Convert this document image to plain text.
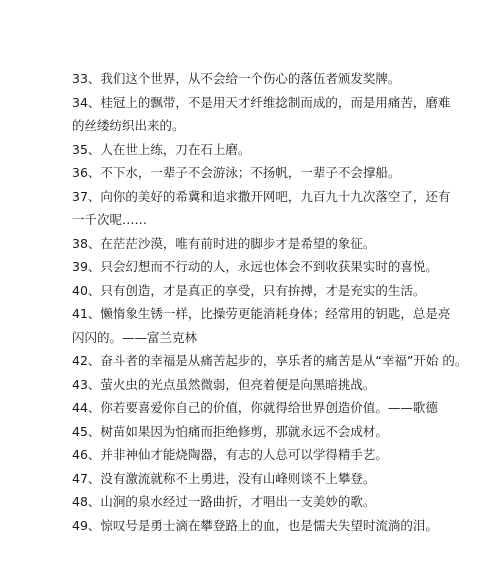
33、我们这个世界，从不会给一个伤心的落伍者颁发奖牌。
34、桂冠上的飘带，不是用天才纤维捻制而成的，而是用痛苦，磨难
的丝缕纺织出来的。
35、人在世上练，刀在石上磨。
36、不下水，一辈子不会游泳；不扬帆，一辈子不会撑船。
37、向你的美好的希冀和追求撒开网吧，九百九十九次落空了，还有
一千次呢……
38、在茫茫沙漠，唯有前时进的脚步才是希望的象征。
39、只会幻想而不行动的人，永远也体会不到收获果实时的喜悦。
40、只有创造，才是真正的享受，只有拚搏，才是充实的生活。
41、懒惰象生锈一样，比操劳更能消耗身体；经常用的钥匙，总是亮
闪闪的。——富兰克林
42、奋斗者的幸福是从痛苦起步的，享乐者的痛苦是从“幸福”开始 的。
43、萤火虫的光点虽然微弱，但亮着便是向黑暗挑战。
44、你若要喜爱你自己的价值，你就得给世界创造价值。——歌德
45、树苗如果因为怕痛而拒绝修剪，那就永远不会成材。
46、并非神仙才能烧陶器，有志的人总可以学得精手艺。
47、没有激流就称不上勇进，没有山峰则谈不上攀登。
48、山涧的泉水经过一路曲折，才唱出一支美妙的歌。
49、惊叹号是勇士滴在攀登路上的血，也是懦夫失望时流淌的泪。
